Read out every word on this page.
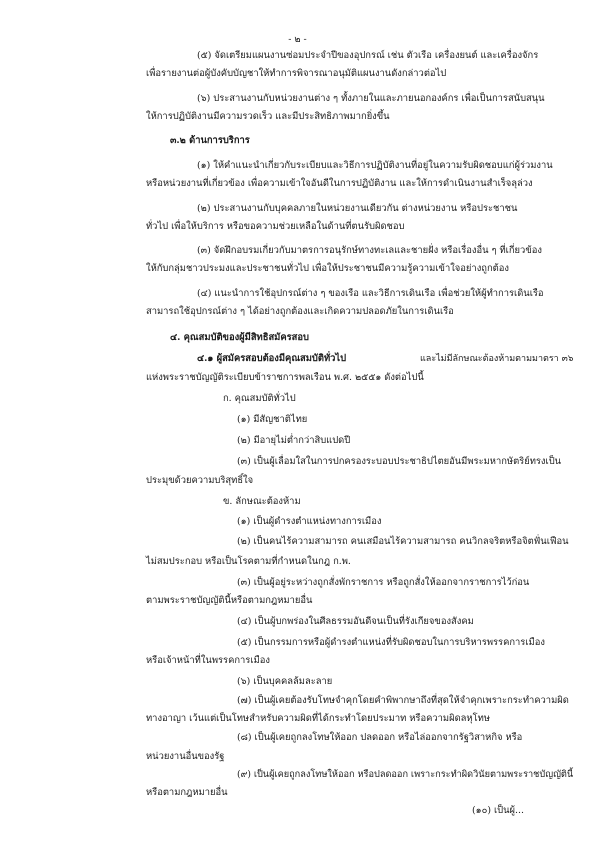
- ๒ -
(๕) จัดเตรียมแผนงานซ่อมประจำปีของอุปกรณ์ เช่น ตัวเรือ เครื่องยนต์ และเครื่องจักร
เพื่อรายงานต่อผู้บังคับบัญชาให้ทำการพิจารณาอนุมัติแผนงานดังกล่าวต่อไป
(๖) ประสานงานกับหน่วยงานต่าง ๆ ทั้งภายในและภายนอกองค์กร เพื่อเป็นการสนับสนุน
ให้การปฏิบัติงานมีความรวดเร็ว และมีประสิทธิภาพมากยิ่งขึ้น
๓.๒ ด้านการบริการ
(๑) ให้คำแนะนำเกี่ยวกับระเบียบและวิธีการปฏิบัติงานที่อยู่ในความรับผิดชอบแก่ผู้ร่วมงาน
หรือหน่วยงานที่เกี่ยวข้อง เพื่อความเข้าใจอันดีในการปฏิบัติงาน และให้การดำเนินงานสำเร็จลุล่วง
(๒) ประสานงานกับบุคคลภายในหน่วยงานเดียวกัน ต่างหน่วยงาน หรือประชาชน
ทั่วไป เพื่อให้บริการ หรือขอความช่วยเหลือในด้านที่ตนรับผิดชอบ
(๓) จัดฝึกอบรมเกี่ยวกับมาตรการอนุรักษ์ทางทะเลและชายฝั่ง หรือเรื่องอื่น ๆ ที่เกี่ยวข้อง
ให้กับกลุ่มชาวประมงและประชาชนทั่วไป เพื่อให้ประชาชนมีความรู้ความเข้าใจอย่างถูกต้อง
(๔) แนะนำการใช้อุปกรณ์ต่าง ๆ ของเรือ และวิธีการเดินเรือ เพื่อช่วยให้ผู้ทำการเดินเรือ
สามารถใช้อุปกรณ์ต่าง ๆ ได้อย่างถูกต้องและเกิดความปลอดภัยในการเดินเรือ
๔. คุณสมบัติของผู้มีสิทธิสมัครสอบ
๔.๑ ผู้สมัครสอบต้องมีคุณสมบัติทั่วไป	และไม่มีลักษณะต้องห้ามตามมาตรา ๓๖
แห่งพระราชบัญญัติระเบียบข้าราชการพลเรือน พ.ศ. ๒๕๕๑ ดังต่อไปนี้
ก. คุณสมบัติทั่วไป
(๑) มีสัญชาติไทย
(๒) มีอายุไม่ต่ำกว่าสิบแปดปี
(๓) เป็นผู้เลื่อมใสในการปกครองระบอบประชาธิปไตยอันมีพระมหากษัตริย์ทรงเป็น
ประมุขด้วยความบริสุทธิ์ใจ
ข. ลักษณะต้องห้าม
(๑) เป็นผู้ดำรงตำแหน่งทางการเมือง
(๒) เป็นคนไร้ความสามารถ คนเสมือนไร้ความสามารถ คนวิกลจริตหรือจิตฟั่นเฟือน
ไม่สมประกอบ หรือเป็นโรคตามที่กำหนดในกฎ ก.พ.
(๓) เป็นผู้อยู่ระหว่างถูกสั่งพักราชการ หรือถูกสั่งให้ออกจากราชการไว้ก่อน
ตามพระราชบัญญัตินี้หรือตามกฎหมายอื่น
(๔) เป็นผู้บกพร่องในศีลธรรมอันดีจนเป็นที่รังเกียจของสังคม
(๕) เป็นกรรมการหรือผู้ดำรงตำแหน่งที่รับผิดชอบในการบริหารพรรคการเมือง
หรือเจ้าหน้าที่ในพรรคการเมือง
(๖) เป็นบุคคลล้มละลาย
(๗) เป็นผู้เคยต้องรับโทษจำคุกโดยคำพิพากษาถึงที่สุดให้จำคุกเพราะกระทำความผิด
ทางอาญา เว้นแต่เป็นโทษสำหรับความผิดที่ได้กระทำโดยประมาท หรือความผิดลหุโทษ
(๘) เป็นผู้เคยถูกลงโทษให้ออก ปลดออก หรือไล่ออกจากรัฐวิสาหกิจ หรือ
หน่วยงานอื่นของรัฐ
(๙) เป็นผู้เคยถูกลงโทษให้ออก หรือปลดออก เพราะกระทำผิดวินัยตามพระราชบัญญัตินี้
หรือตามกฎหมายอื่น
(๑๐) เป็นผู้...
